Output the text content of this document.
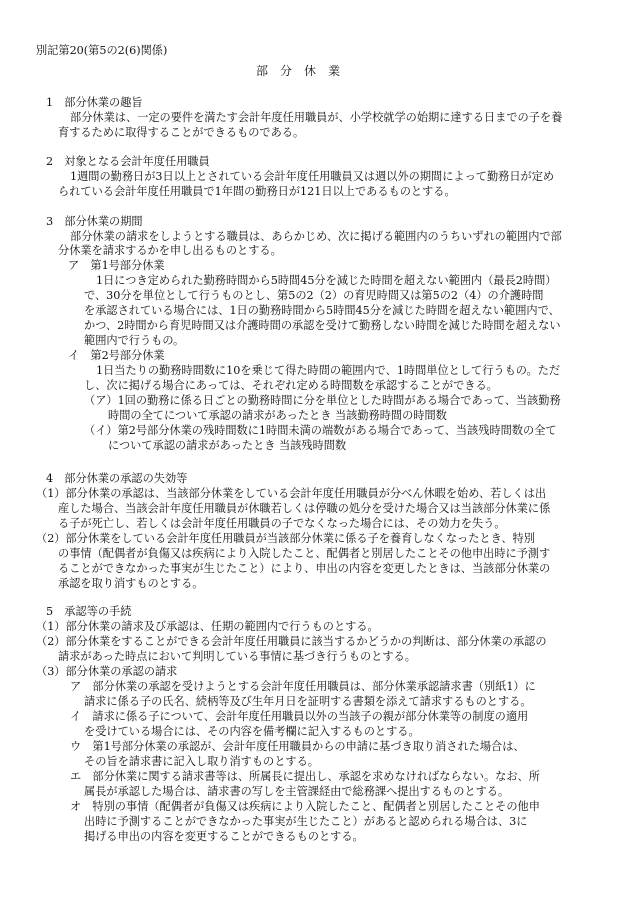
別記第20(第5の2(6)関係)
部　分　休　業
1　部分休業の趣旨
部分休業は、一定の要件を満たす会計年度任用職員が、小学校就学の始期に達する日までの子を養
育するために取得することができるものである。
2　対象となる会計年度任用職員
1週間の勤務日が3日以上とされている会計年度任用職員又は週以外の期間によって勤務日が定め
られている会計年度任用職員で1年間の勤務日が121日以上であるものとする。
3　部分休業の期間
部分休業の請求をしようとする職員は、あらかじめ、次に掲げる範囲内のうちいずれの範囲内で部
分休業を請求するかを申し出るものとする。
ア　第1号部分休業
1日につき定められた勤務時間から5時間45分を減じた時間を超えない範囲内（最長2時間）
で、30分を単位として行うものとし、第5の2（2）の育児時間又は第5の2（4）の介護時間
を承認されている場合には、1日の勤務時間から5時間45分を減じた時間を超えない範囲内で、
かつ、2時間から育児時間又は介護時間の承認を受けて勤務しない時間を減じた時間を超えない
範囲内で行うもの。
イ　第2号部分休業
1日当たりの勤務時間数に10を乗じて得た時間の範囲内で、1時間単位として行うもの。ただ
し、次に掲げる場合にあっては、それぞれ定める時間数を承認することができる。
（ア）1回の勤務に係る日ごとの勤務時間に分を単位とした時間がある場合であって、当該勤務
時間の全てについて承認の請求があったとき 当該勤務時間の時間数
（イ）第2号部分休業の残時間数に1時間未満の端数がある場合であって、当該残時間数の全て
について承認の請求があったとき 当該残時間数
4　部分休業の承認の失効等
（1）部分休業の承認は、当該部分休業をしている会計年度任用職員が分べん休暇を始め、若しくは出
産した場合、当該会計年度任用職員が休職若しくは停職の処分を受けた場合又は当該部分休業に係
る子が死亡し、若しくは会計年度任用職員の子でなくなった場合には、その効力を失う。
（2）部分休業をしている会計年度任用職員が当該部分休業に係る子を養育しなくなったとき、特別
の事情（配偶者が負傷又は疾病により入院したこと、配偶者と別居したことその他申出時に予測す
ることができなかった事実が生じたこと）により、申出の内容を変更したときは、当該部分休業の
承認を取り消すものとする。
5　承認等の手続
（1）部分休業の請求及び承認は、任期の範囲内で行うものとする。
（2）部分休業をすることができる会計年度任用職員に該当するかどうかの判断は、部分休業の承認の
請求があった時点において判明している事情に基づき行うものとする。
（3）部分休業の承認の請求
ア　部分休業の承認を受けようとする会計年度任用職員は、部分休業承認請求書（別紙1）に
請求に係る子の氏名、続柄等及び生年月日を証明する書類を添えて請求するものとする。
イ　請求に係る子について、会計年度任用職員以外の当該子の親が部分休業等の制度の適用
を受けている場合には、その内容を備考欄に記入するものとする。
ウ　第1号部分休業の承認が、会計年度任用職員からの申請に基づき取り消された場合は、
その旨を請求書に記入し取り消すものとする。
エ　部分休業に関する請求書等は、所属長に提出し、承認を求めなければならない。なお、所
属長が承認した場合は、請求書の写しを主管課経由で総務課へ提出するものとする。
オ　特別の事情（配偶者が負傷又は疾病により入院したこと、配偶者と別居したことその他申
出時に予測することができなかった事実が生じたこと）があると認められる場合は、3に
掲げる申出の内容を変更することができるものとする。
